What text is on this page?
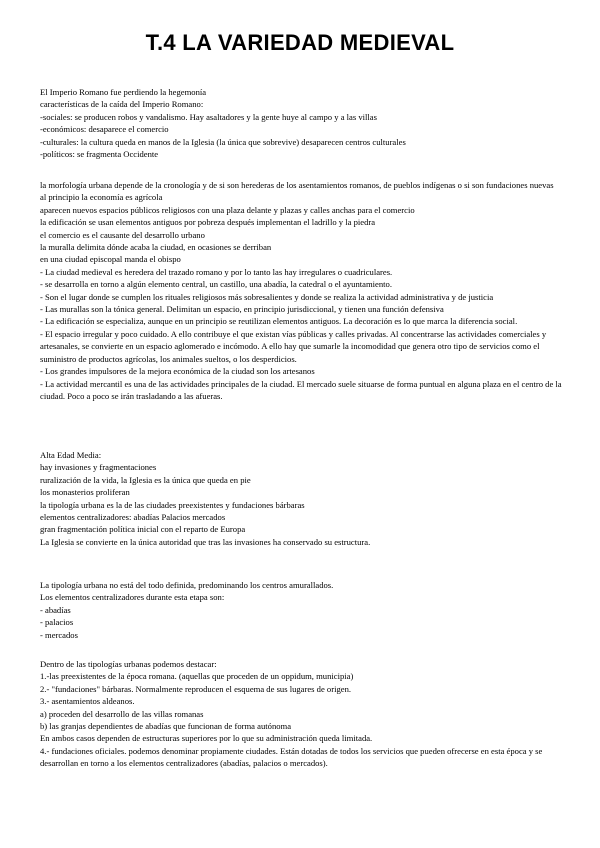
T.4 LA VARIEDAD MEDIEVAL
El Imperio Romano fue perdiendo la hegemonía
características de la caída del Imperio Romano:
-sociales: se producen robos y vandalismo. Hay asaltadores y la gente huye al campo y a las villas
-económicos: desaparece el comercio
-culturales: la cultura queda en manos de la Iglesia (la única que sobrevive) desaparecen centros culturales
-políticos: se fragmenta Occidente
la morfología urbana depende de la cronología y de si son herederas de los asentamientos romanos, de pueblos indígenas o si son fundaciones nuevas
al principio la economía es agrícola
aparecen nuevos espacios públicos religiosos con una plaza delante y plazas y calles anchas para el comercio
la edificación se usan elementos antiguos por pobreza después implementan el ladrillo y la piedra
el comercio es el causante del desarrollo urbano
la muralla delimita dónde acaba la ciudad, en ocasiones se derriban
en una ciudad episcopal manda el obispo
- La ciudad medieval es heredera del trazado romano y por lo tanto las hay irregulares o cuadriculares.
- se desarrolla en torno a algún elemento central, un castillo, una abadía, la catedral o el ayuntamiento.
- Son el lugar donde se cumplen los rituales religiosos más sobresalientes y donde se realiza la actividad administrativa y de justicia
- Las murallas son la tónica general. Delimitan un espacio, en principio jurisdiccional, y tienen una función defensiva
- La edificación se especializa, aunque en un principio se reutilizan elementos antiguos. La decoración es lo que marca la diferencia social.
- El espacio irregular y poco cuidado. A ello contribuye el que existan vías públicas y calles privadas. Al concentrarse las actividades comerciales y artesanales, se convierte en un espacio aglomerado e incómodo. A ello hay que sumarle la incomodidad que genera otro tipo de servicios como el suministro de productos agrícolas, los animales sueltos, o los desperdicios.
- Los grandes impulsores de la mejora económica de la ciudad son los artesanos
- La actividad mercantil es una de las actividades principales de la ciudad. El mercado suele situarse de forma puntual en alguna plaza en el centro de la ciudad. Poco a poco se irán trasladando a las afueras.
Alta Edad Media:
hay invasiones y fragmentaciones
ruralización de la vida, la Iglesia es la única que queda en pie
los monasterios proliferan
la tipología urbana es la de las ciudades preexistentes y fundaciones bárbaras
elementos centralizadores: abadías Palacios mercados
gran fragmentación política inicial con el reparto de Europa
La Iglesia se convierte en la única autoridad que tras las invasiones ha conservado su estructura.
La tipología urbana no está del todo definida, predominando los centros amurallados.
Los elementos centralizadores durante esta etapa son:
- abadías
- palacios
- mercados
Dentro de las tipologías urbanas podemos destacar:
1.-las preexistentes de la época romana. (aquellas que proceden de un oppidum, municipia)
2.- "fundaciones" bárbaras. Normalmente reproducen el esquema de sus lugares de origen.
3.- asentamientos aldeanos.
a) proceden del desarrollo de las villas romanas
b) las granjas dependientes de abadías que funcionan de forma autónoma
En ambos casos dependen de estructuras superiores por lo que su administración queda limitada.
4.- fundaciones oficiales. podemos denominar propiamente ciudades. Están dotadas de todos los servicios que pueden ofrecerse en esta época y se desarrollan en torno a los elementos centralizadores (abadías, palacios o mercados).
